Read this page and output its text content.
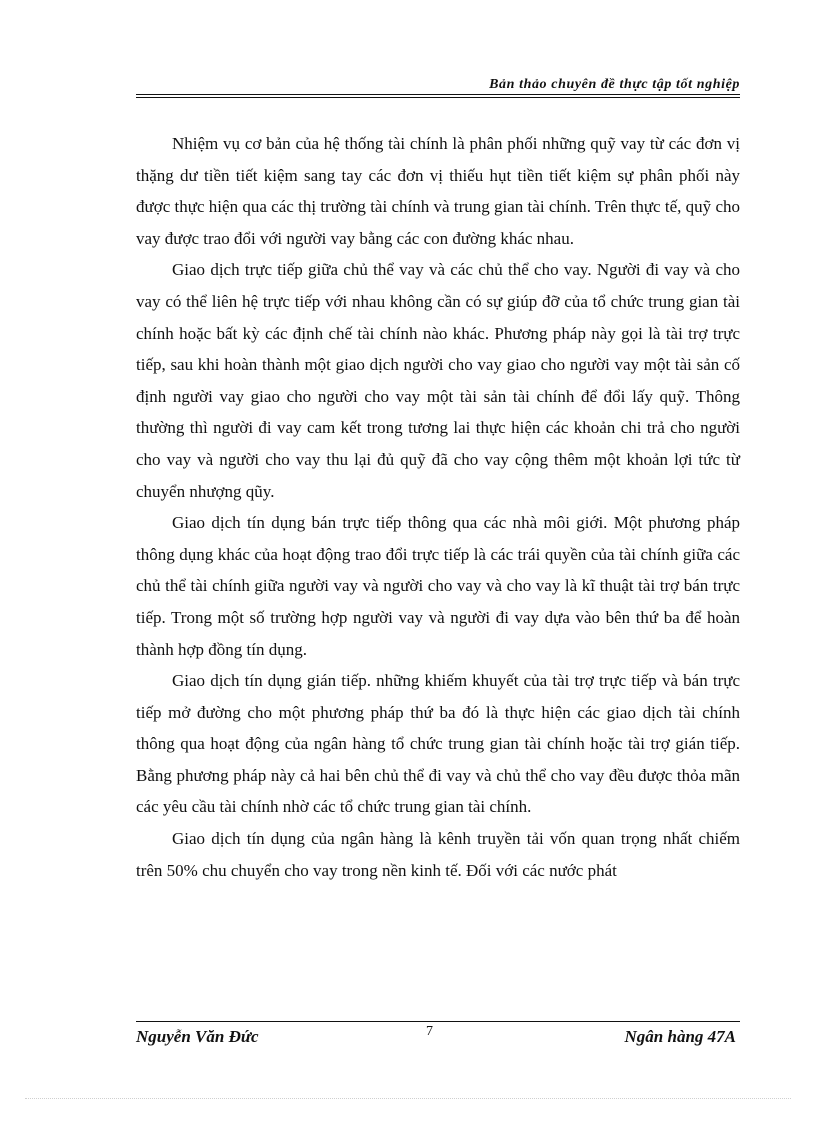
Bản thảo chuyên đề thực tập tốt nghiệp

Nhiệm vụ cơ bản của hệ thống tài chính là phân phối những quỹ vay từ các đơn vị thặng dư tiền tiết kiệm sang tay các đơn vị thiếu hụt tiền tiết kiệm sự phân phối này được thực hiện qua các thị trường tài chính và trung gian tài chính. Trên thực tế, quỹ cho vay được trao đổi với người vay bằng các con đường khác nhau.

Giao dịch trực tiếp giữa chủ thể vay và các chủ thể cho vay. Người đi vay và cho vay có thể liên hệ trực tiếp với nhau không cần có sự giúp đỡ của tổ chức trung gian tài chính hoặc bất kỳ các định chế tài chính nào khác. Phương pháp này gọi là tài trợ trực tiếp, sau khi hoàn thành một giao dịch người cho vay giao cho người vay một tài sản cố định người vay giao cho người cho vay một tài sản tài chính để đổi lấy quỹ. Thông thường thì người đi vay cam kết trong tương lai thực hiện các khoản chi trả cho người cho vay và người cho vay thu lại đủ quỹ đã cho vay cộng thêm một khoản lợi tức từ chuyển nhượng qũy.

Giao dịch tín dụng bán trực tiếp thông qua các nhà môi giới. Một phương pháp thông dụng khác của hoạt động trao đổi trực tiếp là các trái quyền của tài chính giữa các chủ thể tài chính giữa người vay và người cho vay và cho vay là kĩ thuật tài trợ bán trực tiếp. Trong một số trường hợp người vay và người đi vay dựa vào bên thứ ba để hoàn thành hợp đồng tín dụng.

Giao dịch tín dụng gián tiếp. những khiếm khuyết của tài trợ trực tiếp và bán trực tiếp mở đường cho một phương pháp thứ ba đó là thực hiện các giao dịch tài chính thông qua hoạt động của ngân hàng tổ chức trung gian tài chính hoặc tài trợ gián tiếp. Bằng phương pháp này cả hai bên chủ thể đi vay và chủ thể cho vay đều được thỏa mãn các yêu cầu tài chính nhờ các tổ chức trung gian tài chính.

Giao dịch tín dụng của ngân hàng là kênh truyền tải vốn quan trọng nhất chiếm trên 50% chu chuyển cho vay trong nền kinh tế. Đối với các nước phát

Nguyễn Văn Đức	7	Ngân hàng 47A
